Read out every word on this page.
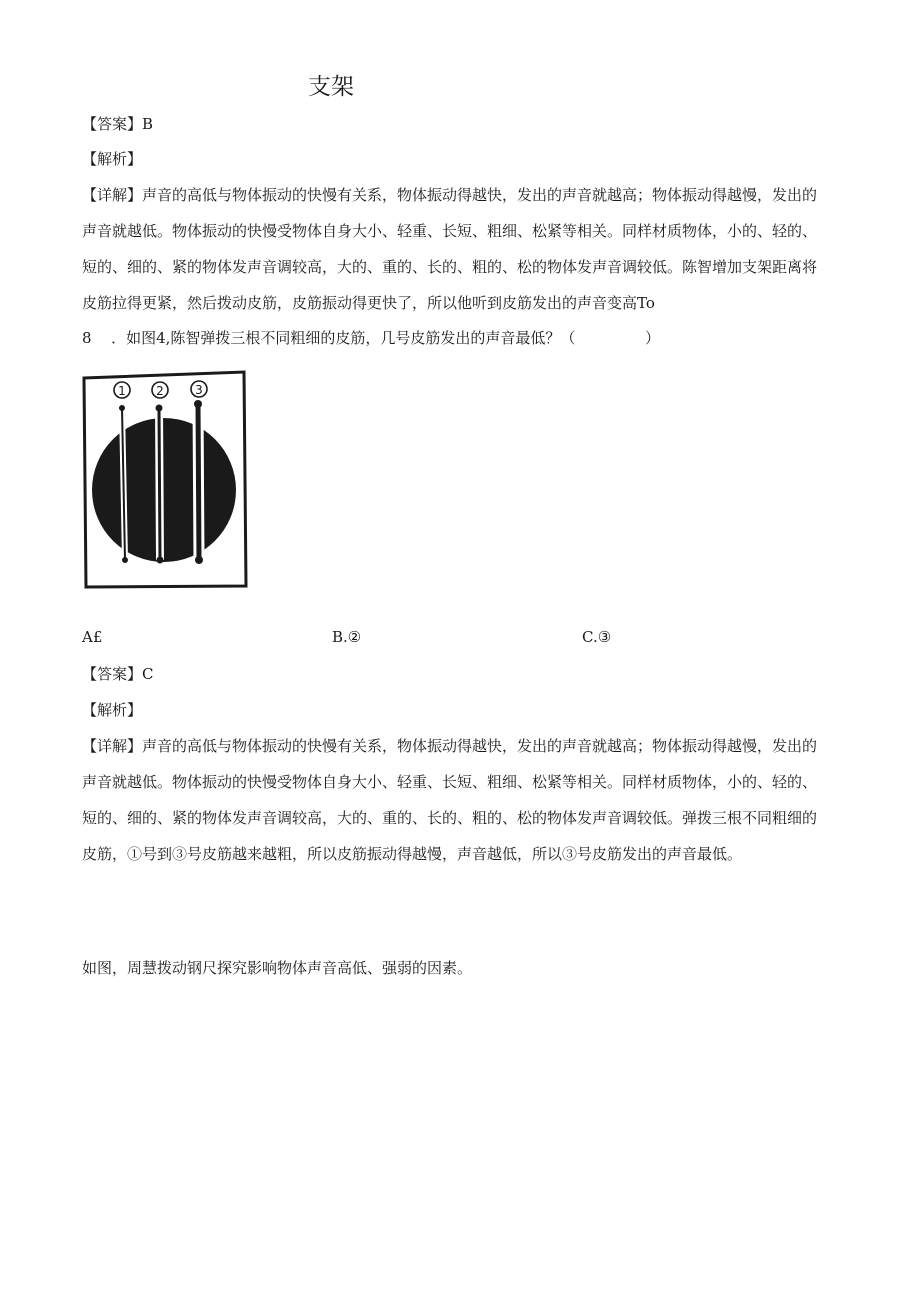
支架
【答案】B
【解析】
【详解】声音的高低与物体振动的快慢有关系，物体振动得越快，发出的声音就越高；物体振动得越慢，发出的
声音就越低。物体振动的快慢受物体自身大小、轻重、长短、粗细、松紧等相关。同样材质物体，小的、轻的、
短的、细的、紧的物体发声音调较高，大的、重的、长的、粗的、松的物体发声音调较低。陈智增加支架距离将
皮筋拉得更紧，然后拨动皮筋，皮筋振动得更快了，所以他听到皮筋发出的声音变高To
8 ．如图4,陈智弹拨三根不同粗细的皮筋，几号皮筋发出的声音最低？（	）
1	2	3
A£	B.②	C.③
【答案】C
【解析】
【详解】声音的高低与物体振动的快慢有关系，物体振动得越快，发出的声音就越高；物体振动得越慢，发出的
声音就越低。物体振动的快慢受物体自身大小、轻重、长短、粗细、松紧等相关。同样材质物体，小的、轻的、
短的、细的、紧的物体发声音调较高，大的、重的、长的、粗的、松的物体发声音调较低。弹拨三根不同粗细的
皮筋，①号到③号皮筋越来越粗，所以皮筋振动得越慢，声音越低，所以③号皮筋发出的声音最低。
如图，周慧拨动钢尺探究影响物体声音高低、强弱的因素。
